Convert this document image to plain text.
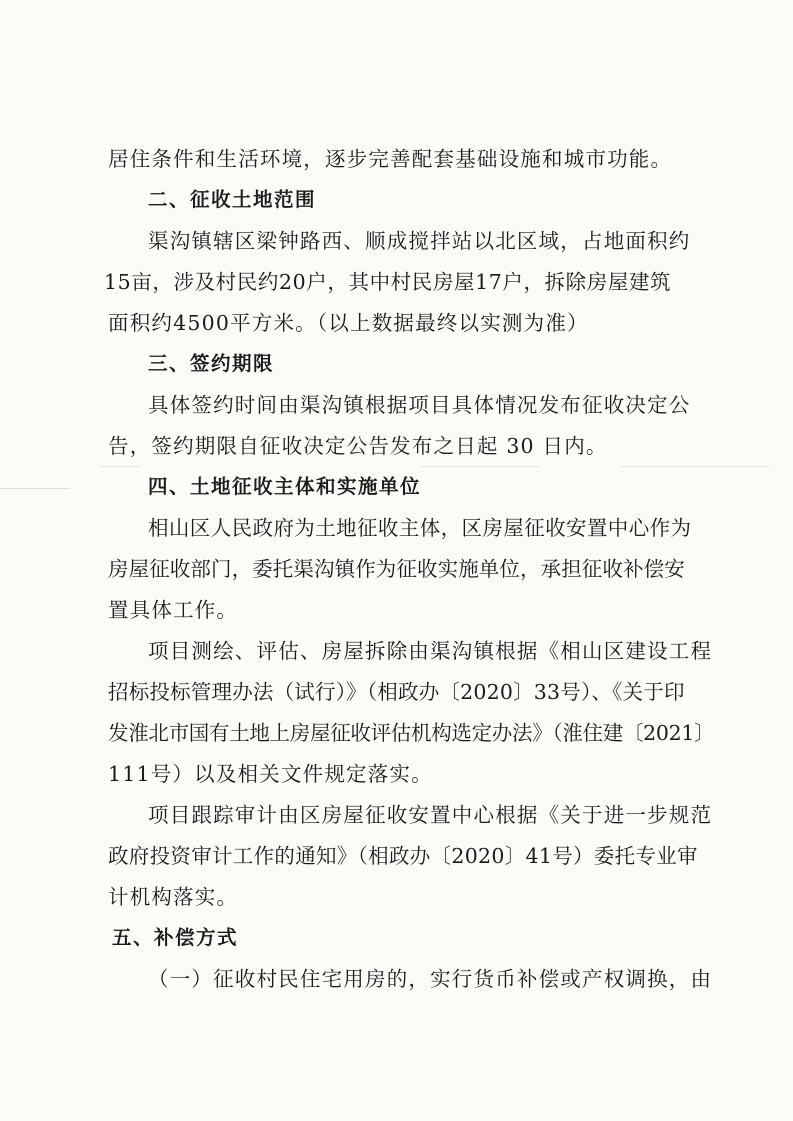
居住条件和生活环境，逐步完善配套基础设施和城市功能。
二、征收土地范围
渠沟镇辖区梁钟路西、顺成搅拌站以北区域，占地面积约
15亩，涉及村民约20户，其中村民房屋17户，拆除房屋建筑
面积约4500平方米。（以上数据最终以实测为准）
三、签约期限
具体签约时间由渠沟镇根据项目具体情况发布征收决定公
告，签约期限自征收决定公告发布之日起 30 日内。
四、土地征收主体和实施单位
相山区人民政府为土地征收主体，区房屋征收安置中心作为
房屋征收部门，委托渠沟镇作为征收实施单位，承担征收补偿安
置具体工作。
项目测绘、评估、房屋拆除由渠沟镇根据《相山区建设工程
招标投标管理办法（试行）》（相政办〔2020〕33号）、《关于印
发淮北市国有土地上房屋征收评估机构选定办法》（淮住建〔2021〕
111号）以及相关文件规定落实。
项目跟踪审计由区房屋征收安置中心根据《关于进一步规范
政府投资审计工作的通知》（相政办〔2020〕41号）委托专业审
计机构落实。
五、补偿方式
（一）征收村民住宅用房的，实行货币补偿或产权调换，由
